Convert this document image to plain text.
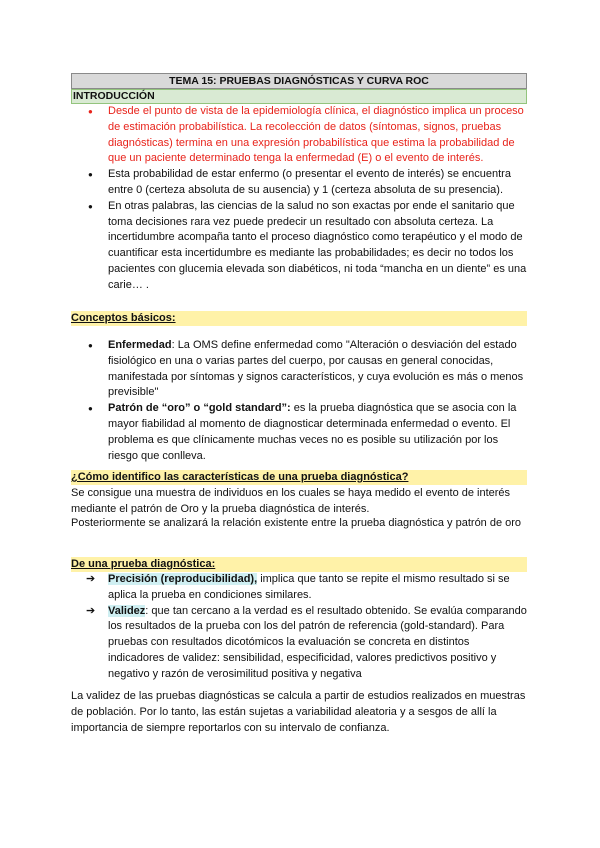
TEMA 15: PRUEBAS DIAGNÓSTICAS Y CURVA ROC
INTRODUCCIÓN
● Desde el punto de vista de la epidemiología clínica, el diagnóstico implica un proceso de estimación probabilística. La recolección de datos (síntomas, signos, pruebas diagnósticas) termina en una expresión probabilística que estima la probabilidad de que un paciente determinado tenga la enfermedad (E) o el evento de interés.
● Esta probabilidad de estar enfermo (o presentar el evento de interés) se encuentra entre 0 (certeza absoluta de su ausencia) y 1 (certeza absoluta de su presencia).
● En otras palabras, las ciencias de la salud no son exactas por ende el sanitario que toma decisiones rara vez puede predecir un resultado con absoluta certeza. La incertidumbre acompaña tanto el proceso diagnóstico como terapéutico y el modo de cuantificar esta incertidumbre es mediante las probabilidades; es decir no todos los pacientes con glucemia elevada son diabéticos, ni toda “mancha en un diente” es una carie… .
Conceptos básicos:
● Enfermedad: La OMS define enfermedad como "Alteración o desviación del estado fisiológico en una o varias partes del cuerpo, por causas en general conocidas, manifestada por síntomas y signos característicos, y cuya evolución es más o menos previsible"
● Patrón de “oro” o “gold standard”: es la prueba diagnóstica que se asocia con la mayor fiabilidad al momento de diagnosticar determinada enfermedad o evento. El problema es que clínicamente muchas veces no es posible su utilización por los riesgo que conlleva.
¿Cómo identifico las características de una prueba diagnóstica?
Se consigue una muestra de individuos en los cuales se haya medido el evento de interés mediante el patrón de Oro y la prueba diagnóstica de interés.
Posteriormente se analizará la relación existente entre la prueba diagnóstica y patrón de oro
De una prueba diagnóstica:
➔ Precisión (reproducibilidad), implica que tanto se repite el mismo resultado si se aplica la prueba en condiciones similares.
➔ Validez: que tan cercano a la verdad es el resultado obtenido. Se evalúa comparando los resultados de la prueba con los del patrón de referencia (gold-standard). Para pruebas con resultados dicotómicos la evaluación se concreta en distintos indicadores de validez: sensibilidad, especificidad, valores predictivos positivo y negativo y razón de verosimilitud positiva y negativa
La validez de las pruebas diagnósticas se calcula a partir de estudios realizados en muestras de población. Por lo tanto, las están sujetas a variabilidad aleatoria y a sesgos de allí la importancia de siempre reportarlos con su intervalo de confianza.
